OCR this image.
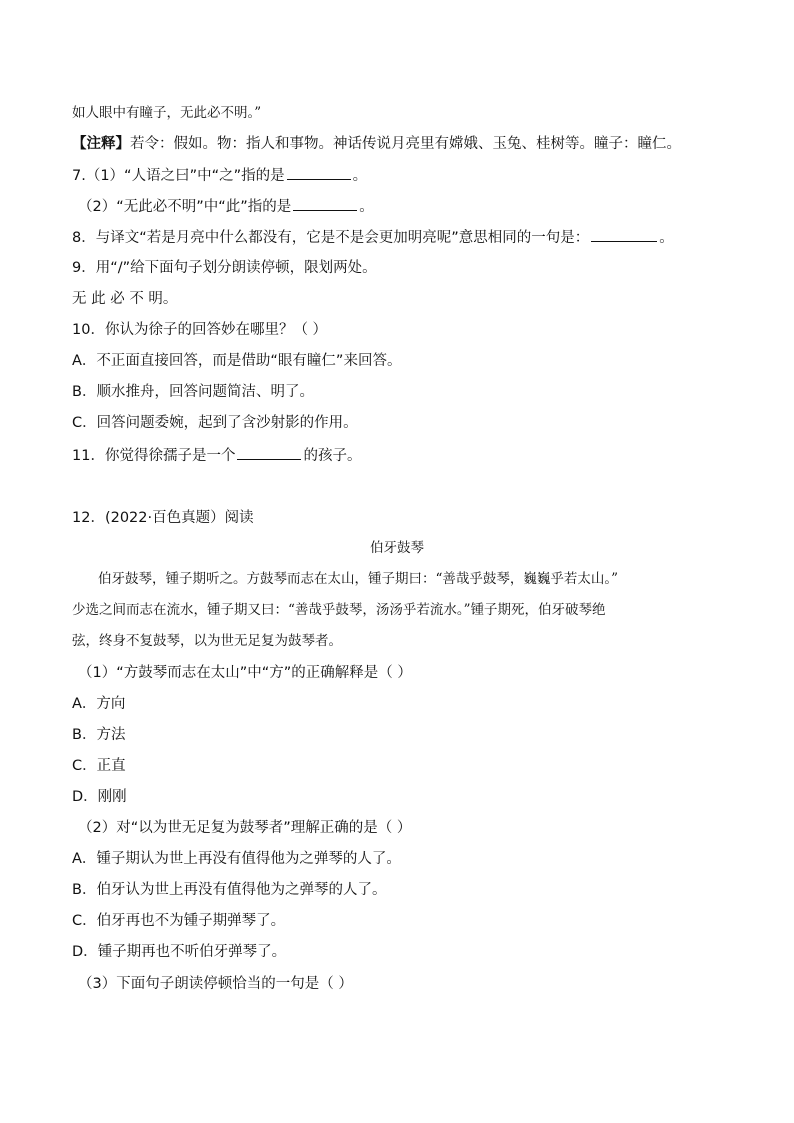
如人眼中有瞳子，无此必不明。”
【注释】若令：假如。物：指人和事物。神话传说月亮里有嫦娥、玉兔、桂树等。瞳子：瞳仁。
7.（1）“人语之曰”中“之”指的是	。
（2）“无此必不明”中“此”指的是	。
8．与译文“若是月亮中什么都没有，它是不是会更加明亮呢”意思相同的一句是：	。
9．用“/”给下面句子划分朗读停顿，限划两处。
无 此 必 不 明。
10．你认为徐子的回答妙在哪里？（ ）
A．不正面直接回答，而是借助“眼有瞳仁”来回答。
B．顺水推舟，回答问题简洁、明了。
C．回答问题委婉，起到了含沙射影的作用。
11．你觉得徐孺子是一个	的孩子。
12．(2022·百色真题）阅读
伯牙鼓琴
伯牙鼓琴，锺子期听之。方鼓琴而志在太山，锺子期曰：“善哉乎鼓琴，巍巍乎若太山。”
少选之间而志在流水，锺子期又曰：“善哉乎鼓琴，汤汤乎若流水。”锺子期死，伯牙破琴绝
弦，终身不复鼓琴，以为世无足复为鼓琴者。
（1）“方鼓琴而志在太山”中“方”的正确解释是（ ）
A．方向
B．方法
C．正直
D．刚刚
（2）对“以为世无足复为鼓琴者”理解正确的是（ ）
A．锺子期认为世上再没有值得他为之弹琴的人了。
B．伯牙认为世上再没有值得他为之弹琴的人了。
C．伯牙再也不为锺子期弹琴了。
D．锺子期再也不听伯牙弹琴了。
（3）下面句子朗读停顿恰当的一句是（ ）
